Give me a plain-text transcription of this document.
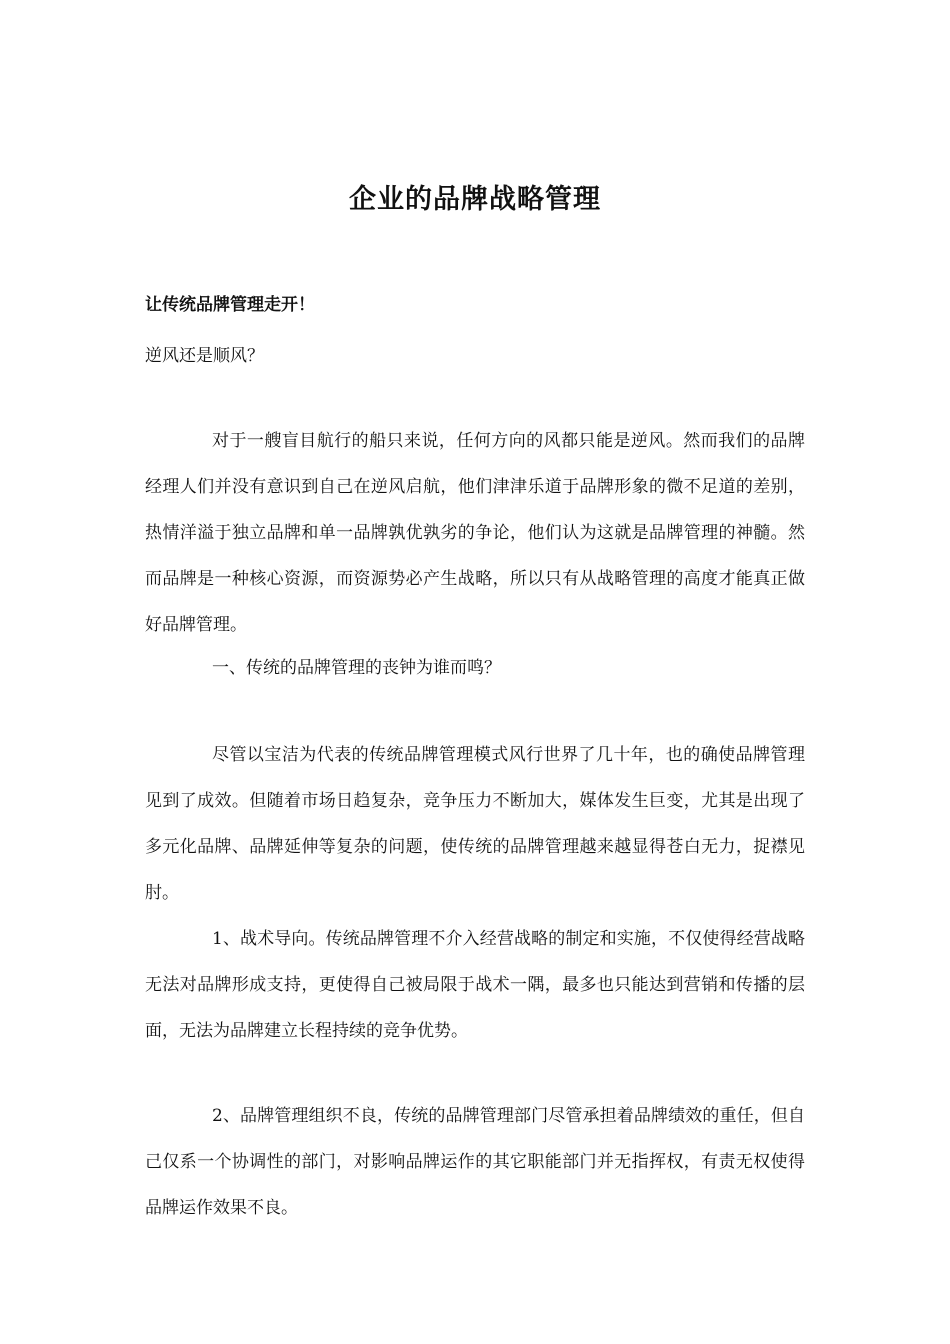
企业的品牌战略管理
让传统品牌管理走开！

逆风还是顺风？

对于一艘盲目航行的船只来说，任何方向的风都只能是逆风。然而我们的品牌经理人们并没有意识到自己在逆风启航，他们津津乐道于品牌形象的微不足道的差别，热情洋溢于独立品牌和单一品牌孰优孰劣的争论，他们认为这就是品牌管理的神髓。然而品牌是一种核心资源，而资源势必产生战略，所以只有从战略管理的高度才能真正做好品牌管理。

一、传统的品牌管理的丧钟为谁而鸣？

尽管以宝洁为代表的传统品牌管理模式风行世界了几十年，也的确使品牌管理见到了成效。但随着市场日趋复杂，竞争压力不断加大，媒体发生巨变，尤其是出现了多元化品牌、品牌延伸等复杂的问题，使传统的品牌管理越来越显得苍白无力，捉襟见肘。

1、战术导向。传统品牌管理不介入经营战略的制定和实施，不仅使得经营战略无法对品牌形成支持，更使得自己被局限于战术一隅，最多也只能达到营销和传播的层面，无法为品牌建立长程持续的竞争优势。

2、品牌管理组织不良，传统的品牌管理部门尽管承担着品牌绩效的重任，但自己仅系一个协调性的部门，对影响品牌运作的其它职能部门并无指挥权，有责无权使得品牌运作效果不良。
